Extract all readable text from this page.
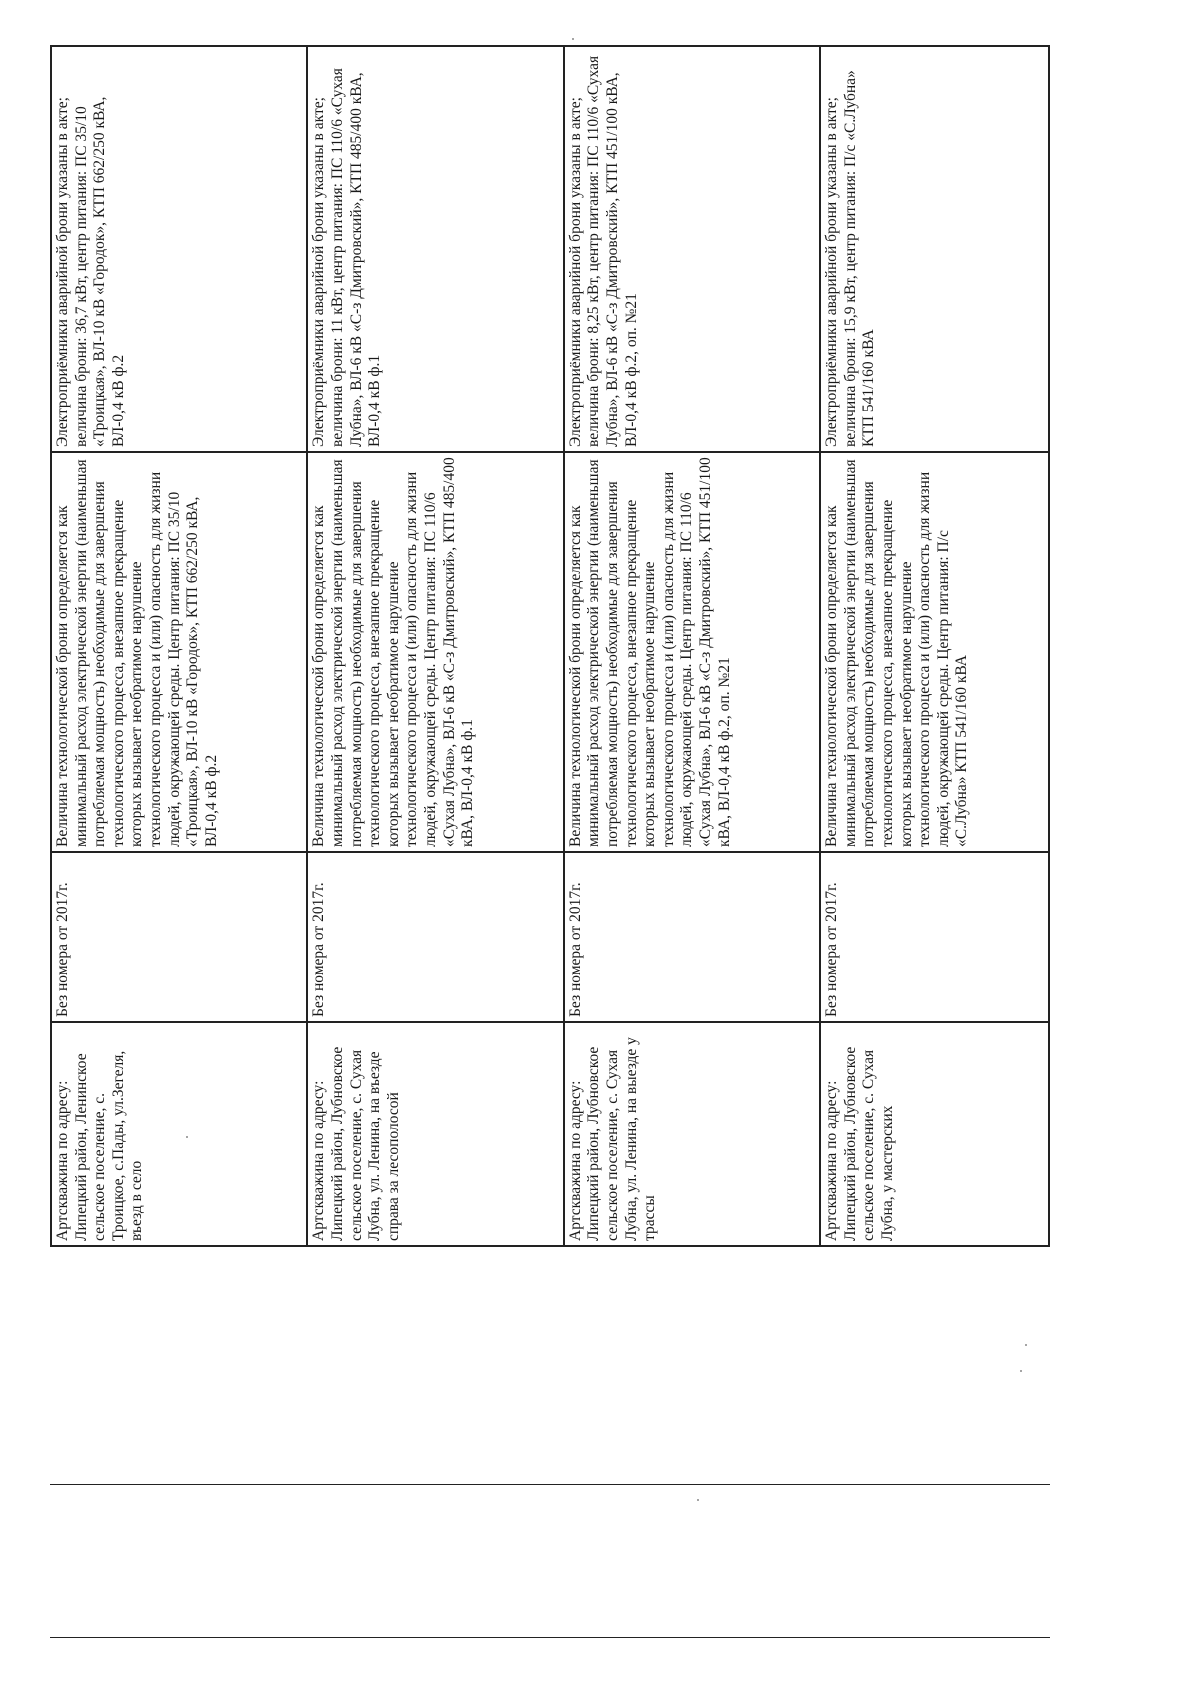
Артскважина по адресу: Липецкий район, Ленинское сельское поселение, с. Троицкое, с.Пады, ул.Зегеля, въезд в село	Без номера от 2017г.	Величина технологической брони определяется как минимальный расход электрической энергии (наименьшая потребляемая мощность) необходимые для завершения технологического процесса, внезапное прекращение которых вызывает необратимое нарушение технологического процесса и (или) опасность для жизни людей, окружающей среды. Центр питания: ПС 35/10 «Троицкая», ВЛ-10 кВ «Городок», КТП 662/250 кВА, ВЛ-0,4 кВ ф.2	Электроприёмники аварийной брони указаны в акте; величина брони: 36,7 кВт, центр питания: ПС 35/10 «Троицкая», ВЛ-10 кВ «Городок», КТП 662/250 кВА, ВЛ-0,4 кВ ф.2
Артскважина по адресу: Липецкий район, Лубновское сельское поселение, с. Сухая Лубна, ул. Ленина, на въезде справа за лесополосой	Без номера от 2017г.	Величина технологической брони определяется как минимальный расход электрической энергии (наименьшая потребляемая мощность) необходимые для завершения технологического процесса, внезапное прекращение которых вызывает необратимое нарушение технологического процесса и (или) опасность для жизни людей, окружающей среды. Центр питания: ПС 110/6 «Сухая Лубна», ВЛ-6 кВ «С-з Дмитровский», КТП 485/400 кВА, ВЛ-0,4 кВ ф.1	Электроприёмники аварийной брони указаны в акте; величина брони: 11 кВт, центр питания: ПС 110/6 «Сухая Лубна», ВЛ-6 кВ «С-з Дмитровский», КТП 485/400 кВА, ВЛ-0,4 кВ ф.1
Артскважина по адресу: Липецкий район, Лубновское сельское поселение, с. Сухая Лубна, ул. Ленина, на выезде у трассы	Без номера от 2017г.	Величина технологической брони определяется как минимальный расход электрической энергии (наименьшая потребляемая мощность) необходимые для завершения технологического процесса, внезапное прекращение которых вызывает необратимое нарушение технологического процесса и (или) опасность для жизни людей, окружающей среды. Центр питания: ПС 110/6 «Сухая Лубна», ВЛ-6 кВ «С-з Дмитровский», КТП 451/100 кВА, ВЛ-0,4 кВ ф.2, оп. №21	Электроприёмники аварийной брони указаны в акте; величина брони: 8,25 кВт, центр питания: ПС 110/6 «Сухая Лубна», ВЛ-6 кВ «С-з Дмитровский», КТП 451/100 кВА, ВЛ-0,4 кВ ф.2, оп. №21
Артскважина по адресу: Липецкий район, Лубновское сельское поселение, с. Сухая Лубна, у мастерских	Без номера от 2017г.	Величина технологической брони определяется как минимальный расход электрической энергии (наименьшая потребляемая мощность) необходимые для завершения технологического процесса, внезапное прекращение которых вызывает необратимое нарушение технологического процесса и (или) опасность для жизни людей, окружающей среды. Центр питания: П/с «С.Лубна» КТП 541/160 кВА	Электроприёмники аварийной брони указаны в акте; величина брони: 15,9 кВт, центр питания: П/с «С.Лубна» КТП 541/160 кВА
